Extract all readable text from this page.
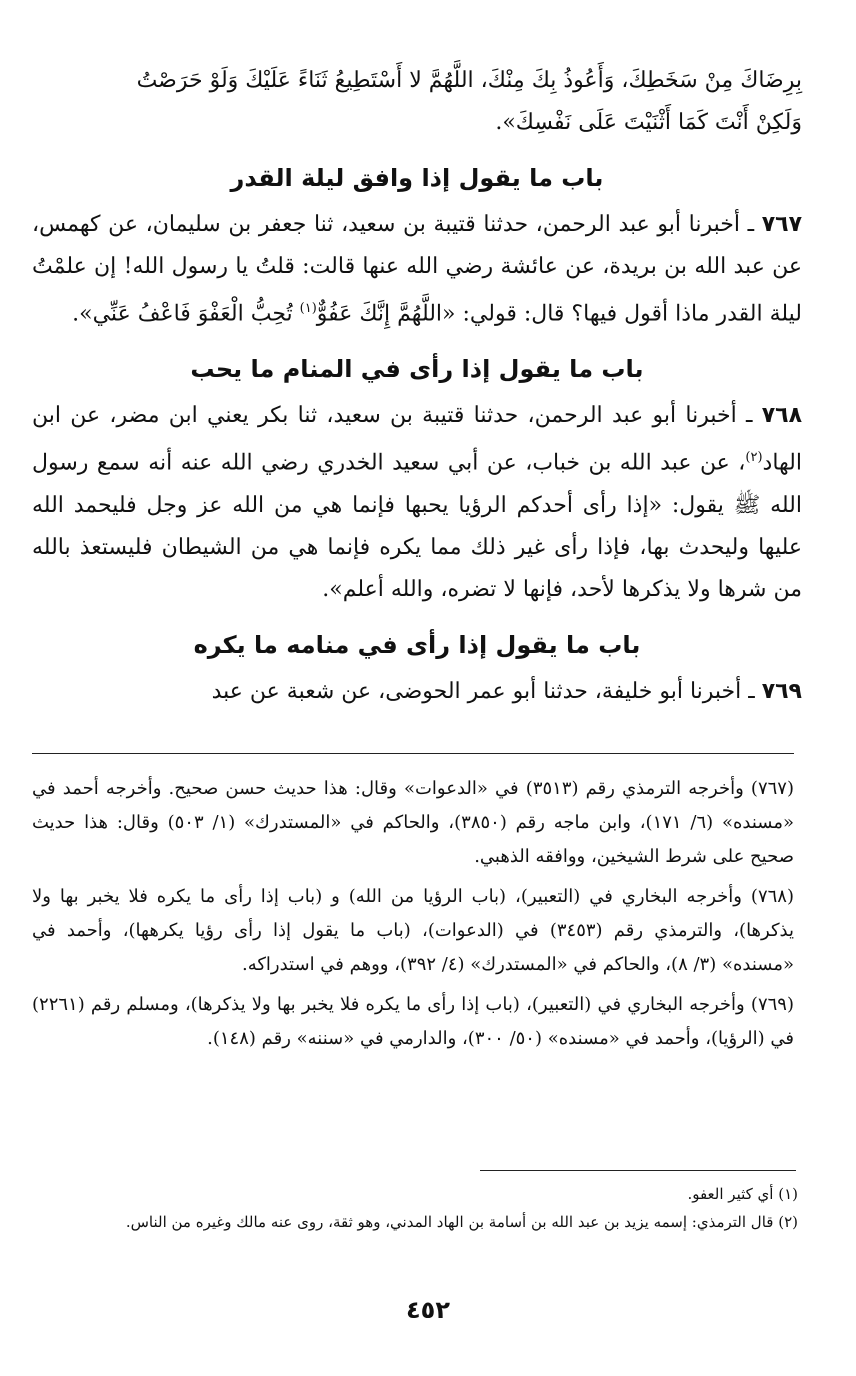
بِرِضَاكَ مِنْ سَخَطِكَ، وَأَعُوذُ بِكَ مِنْكَ، اللَّهُمَّ لا أَسْتَطِيعُ ثَنَاءً عَلَيْكَ وَلَوْ حَرَصْتُ

وَلَكِنْ أَنْتَ كَمَا أَثْنَيْتَ عَلَى نَفْسِكَ».

باب ما يقول إذا وافق ليلة القدر

٧٦٧ ـ أخبرنا أبو عبد الرحمن، حدثنا قتيبة بن سعيد، ثنا جعفر بن سليمان، عن كهمس، عن عبد الله بن بريدة، عن عائشة رضي الله عنها قالت: قلتُ يا رسول الله! إن علمْتُ ليلة القدر ماذا أقول فيها؟ قال: قولي: «اللَّهُمَّ إِنَّكَ عَفُوٌّ$^{(١)}$ تُحِبُّ الْعَفْوَ فَاعْفُ عَنِّي».

باب ما يقول إذا رأى في المنام ما يحب

٧٦٨ ـ أخبرنا أبو عبد الرحمن، حدثنا قتيبة بن سعيد، ثنا بكر يعني ابن مضر، عن ابن الهاد$^{(٢)}$، عن عبد الله بن خباب، عن أبي سعيد الخدري رضي الله عنه أنه سمع رسول الله ﷺ يقول: «إذا رأى أحدكم الرؤيا يحبها فإنما هي من الله عز وجل فليحمد الله عليها وليحدث بها، فإذا رأى غير ذلك مما يكره فإنما هي من الشيطان فليستعذ بالله من شرها ولا يذكرها لأحد، فإنها لا تضره، والله أعلم».

باب ما يقول إذا رأى في منامه ما يكره

٧٦٩ ـ أخبرنا أبو خليفة، حدثنا أبو عمر الحوضى، عن شعبة عن عبد

(٧٦٧) وأخرجه الترمذي رقم (٣٥١٣) في «الدعوات» وقال: هذا حديث حسن صحيح. وأخرجه أحمد في «مسنده» (٦/ ١٧١)، وابن ماجه رقم (٣٨٥٠)، والحاكم في «المستدرك» (١/ ٥٠٣) وقال: هذا حديث صحيح على شرط الشيخين، ووافقه الذهبي.

(٧٦٨) وأخرجه البخاري في (التعبير)، (باب الرؤيا من الله) و (باب إذا رأى ما يكره فلا يخبر بها ولا يذكرها)، والترمذي رقم (٣٤٥٣) في (الدعوات)، (باب ما يقول إذا رأى رؤيا يكرهها)، وأحمد في «مسنده» (٣/ ٨)، والحاكم في «المستدرك» (٤/ ٣٩٢)، ووهم في استدراكه.

(٧٦٩) وأخرجه البخاري في (التعبير)، (باب إذا رأى ما يكره فلا يخبر بها ولا يذكرها)، ومسلم رقم (٢٢٦١) في (الرؤيا)، وأحمد في «مسنده» (٥٠/ ٣٠٠)، والدارمي في «سننه» رقم (١٤٨).

(١) أي كثير العفو.

(٢) قال الترمذي: إسمه يزيد بن عبد الله بن أسامة بن الهاد المدني، وهو ثقة، روى عنه مالك وغيره من الناس.

٤٥٢
